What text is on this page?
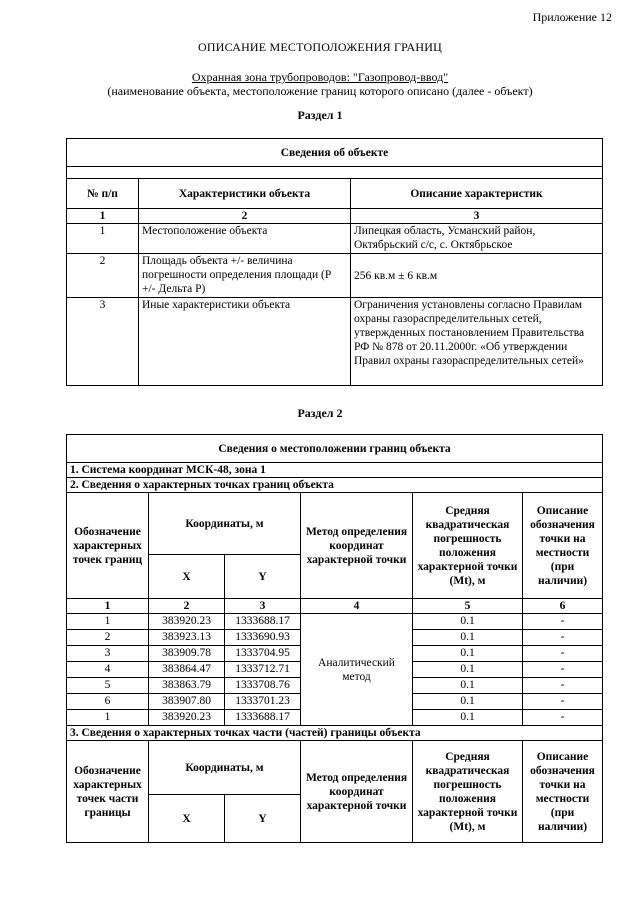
Приложение 12
ОПИСАНИЕ МЕСТОПОЛОЖЕНИЯ ГРАНИЦ
Охранная зона трубопроводов: "Газопровод-ввод"
(наименование объекта, местоположение границ которого описано (далее - объект)
Раздел 1
Сведения об объекте		

№ п/п	Характеристики объекта	Описание характеристик
1	2	3
1	Местоположение объекта	Липецкая область, Усманский район, Октябрьский с/с, с. Октябрьское
2	Площадь объекта +/- величина погрешности определения площади (Р +/- Дельта Р)	256 кв.м ± 6 кв.м
3	Иные характеристики объекта	Ограничения установлены согласно Правилам охраны газораспределительных сетей, утвержденных постановлением Правительства РФ № 878 от 20.11.2000г. «Об утверждении Правил охраны газораспределительных сетей»
Раздел 2
Сведения о местоположении границ объекта					
1. Система координат МСК-48, зона 1					
2. Сведения о характерных точках границ объекта					
Обозначение характерных точек границ	Координаты, м		Метод определения координат характерной точки	Средняя квадратическая погрешность положения характерной точки (Mt), м	Описание обозначения точки на местности (при наличии)
	X	Y			
1	2	3	4	5	6
1	383920.23	1333688.17	Аналитический метод	0.1	-
2	383923.13	1333690.93		0.1	-
3	383909.78	1333704.95		0.1	-
4	383864.47	1333712.71		0.1	-
5	383863.79	1333708.76		0.1	-
6	383907.80	1333701.23		0.1	-
1	383920.23	1333688.17		0.1	-
3. Сведения о характерных точках части (частей) границы объекта					
Обозначение характерных точек части границы	Координаты, м		Метод определения координат характерной точки	Средняя квадратическая погрешность положения характерной точки (Mt), м	Описание обозначения точки на местности (при наличии)
	X	Y			
